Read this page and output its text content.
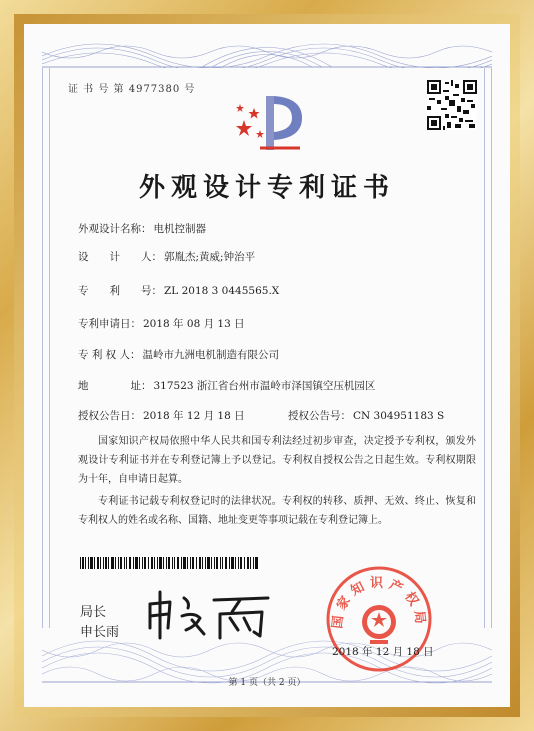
证 书 号 第 4977380 号
外观设计专利证书
外观设计名称： 电机控制器
设　　计　　人： 郭胤杰;黄威;钟治平
专　　利　　号： ZL 2018 3 0445565.X
专利申请日： 2018 年 08 月 13 日
专 利 权 人： 温岭市九洲电机制造有限公司
地　　　　址： 317523 浙江省台州市温岭市泽国镇空压机园区
授权公告日： 2018 年 12 月 18 日	授权公告号： CN 304951183 S
国家知识产权局依照中华人民共和国专利法经过初步审查，决定授予专利权，颁发外观设计专利证书并在专利登记簿上予以登记。专利权自授权公告之日起生效。专利权期限为十年，自申请日起算。
专利证书记载专利权登记时的法律状况。专利权的转移、质押、无效、终止、恢复和专利权人的姓名或名称、国籍、地址变更等事项记载在专利登记簿上。
局长
申长雨
国家知识产权局
2018 年 12 月 18 日
第 1 页（共 2 页）
